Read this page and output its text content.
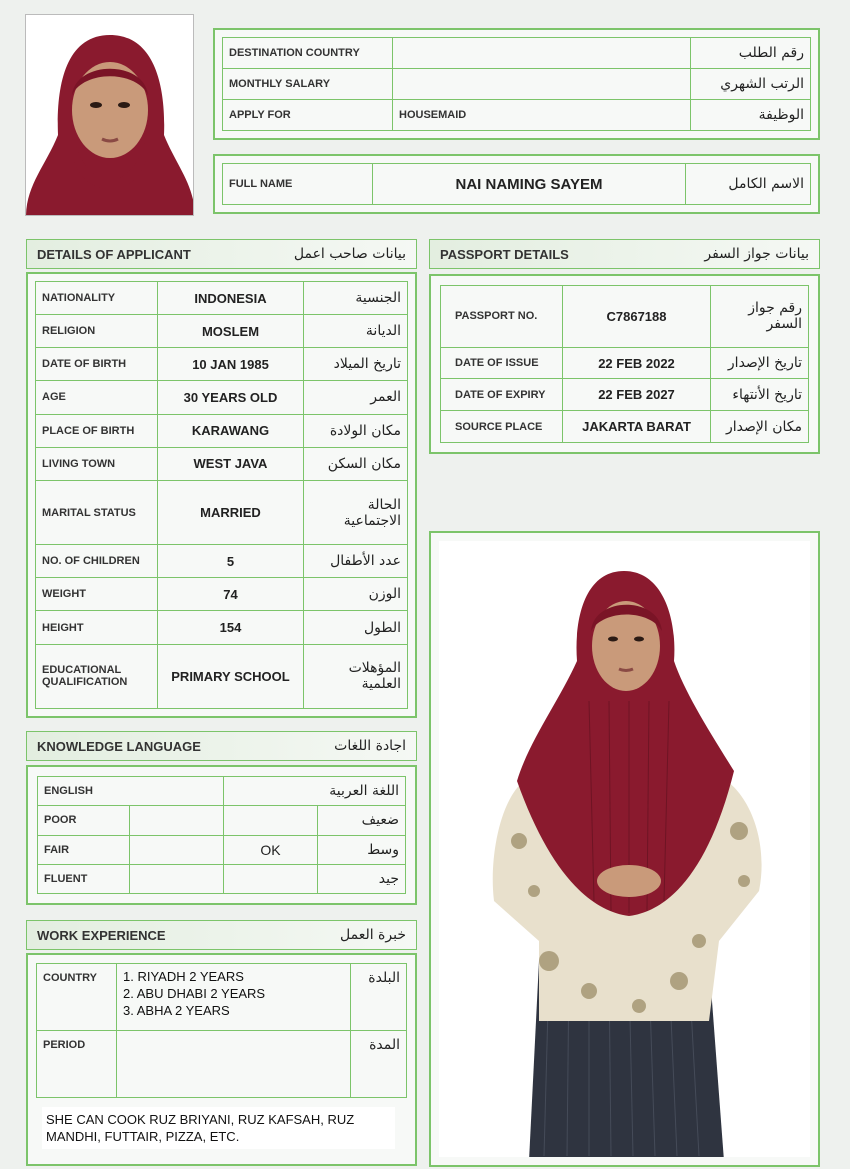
DESTINATION COUNTRY		رقم الطلب
MONTHLY SALARY		الرتب الشهري
APPLY FOR	HOUSEMAID	الوظيفة
FULL NAME	NAI NAMING SAYEM	الاسم الكامل
DETAILS OF APPLICANT	بيانات صاحب اعمل
NATIONALITY	INDONESIA	الجنسية
RELIGION	MOSLEM	الديانة
DATE OF BIRTH	10 JAN 1985	تاريخ الميلاد
AGE	30 YEARS OLD	العمر
PLACE OF BIRTH	KARAWANG	مكان الولادة
LIVING TOWN	WEST JAVA	مكان السكن
MARITAL STATUS	MARRIED	الحالة الاجتماعية
NO. OF CHILDREN	5	عدد الأطفال
WEIGHT	74	الوزن
HEIGHT	154	الطول
EDUCATIONAL QUALIFICATION	PRIMARY SCHOOL	المؤهلات العلمية
PASSPORT DETAILS	بيانات جواز السفر
PASSPORT NO.	C7867188	رقم جواز السفر
DATE OF ISSUE	22 FEB 2022	تاريخ الإصدار
DATE OF EXPIRY	22 FEB 2027	تاريخ الأنتهاء
SOURCE PLACE	JAKARTA BARAT	مكان الإصدار
KNOWLEDGE LANGUAGE	اجادة اللغات
ENGLISH		اللغة العربية	
POOR			ضعيف
FAIR		OK	وسط
FLUENT			جيد
WORK EXPERIENCE	خبرة العمل
COUNTRY	1. RIYADH 2 YEARS
2. ABU DHABI 2 YEARS
3. ABHA 2 YEARS	البلدة
PERIOD		المدة
SHE CAN COOK RUZ BRIYANI, RUZ KAFSAH, RUZ MANDHI, FUTTAIR, PIZZA, ETC.
